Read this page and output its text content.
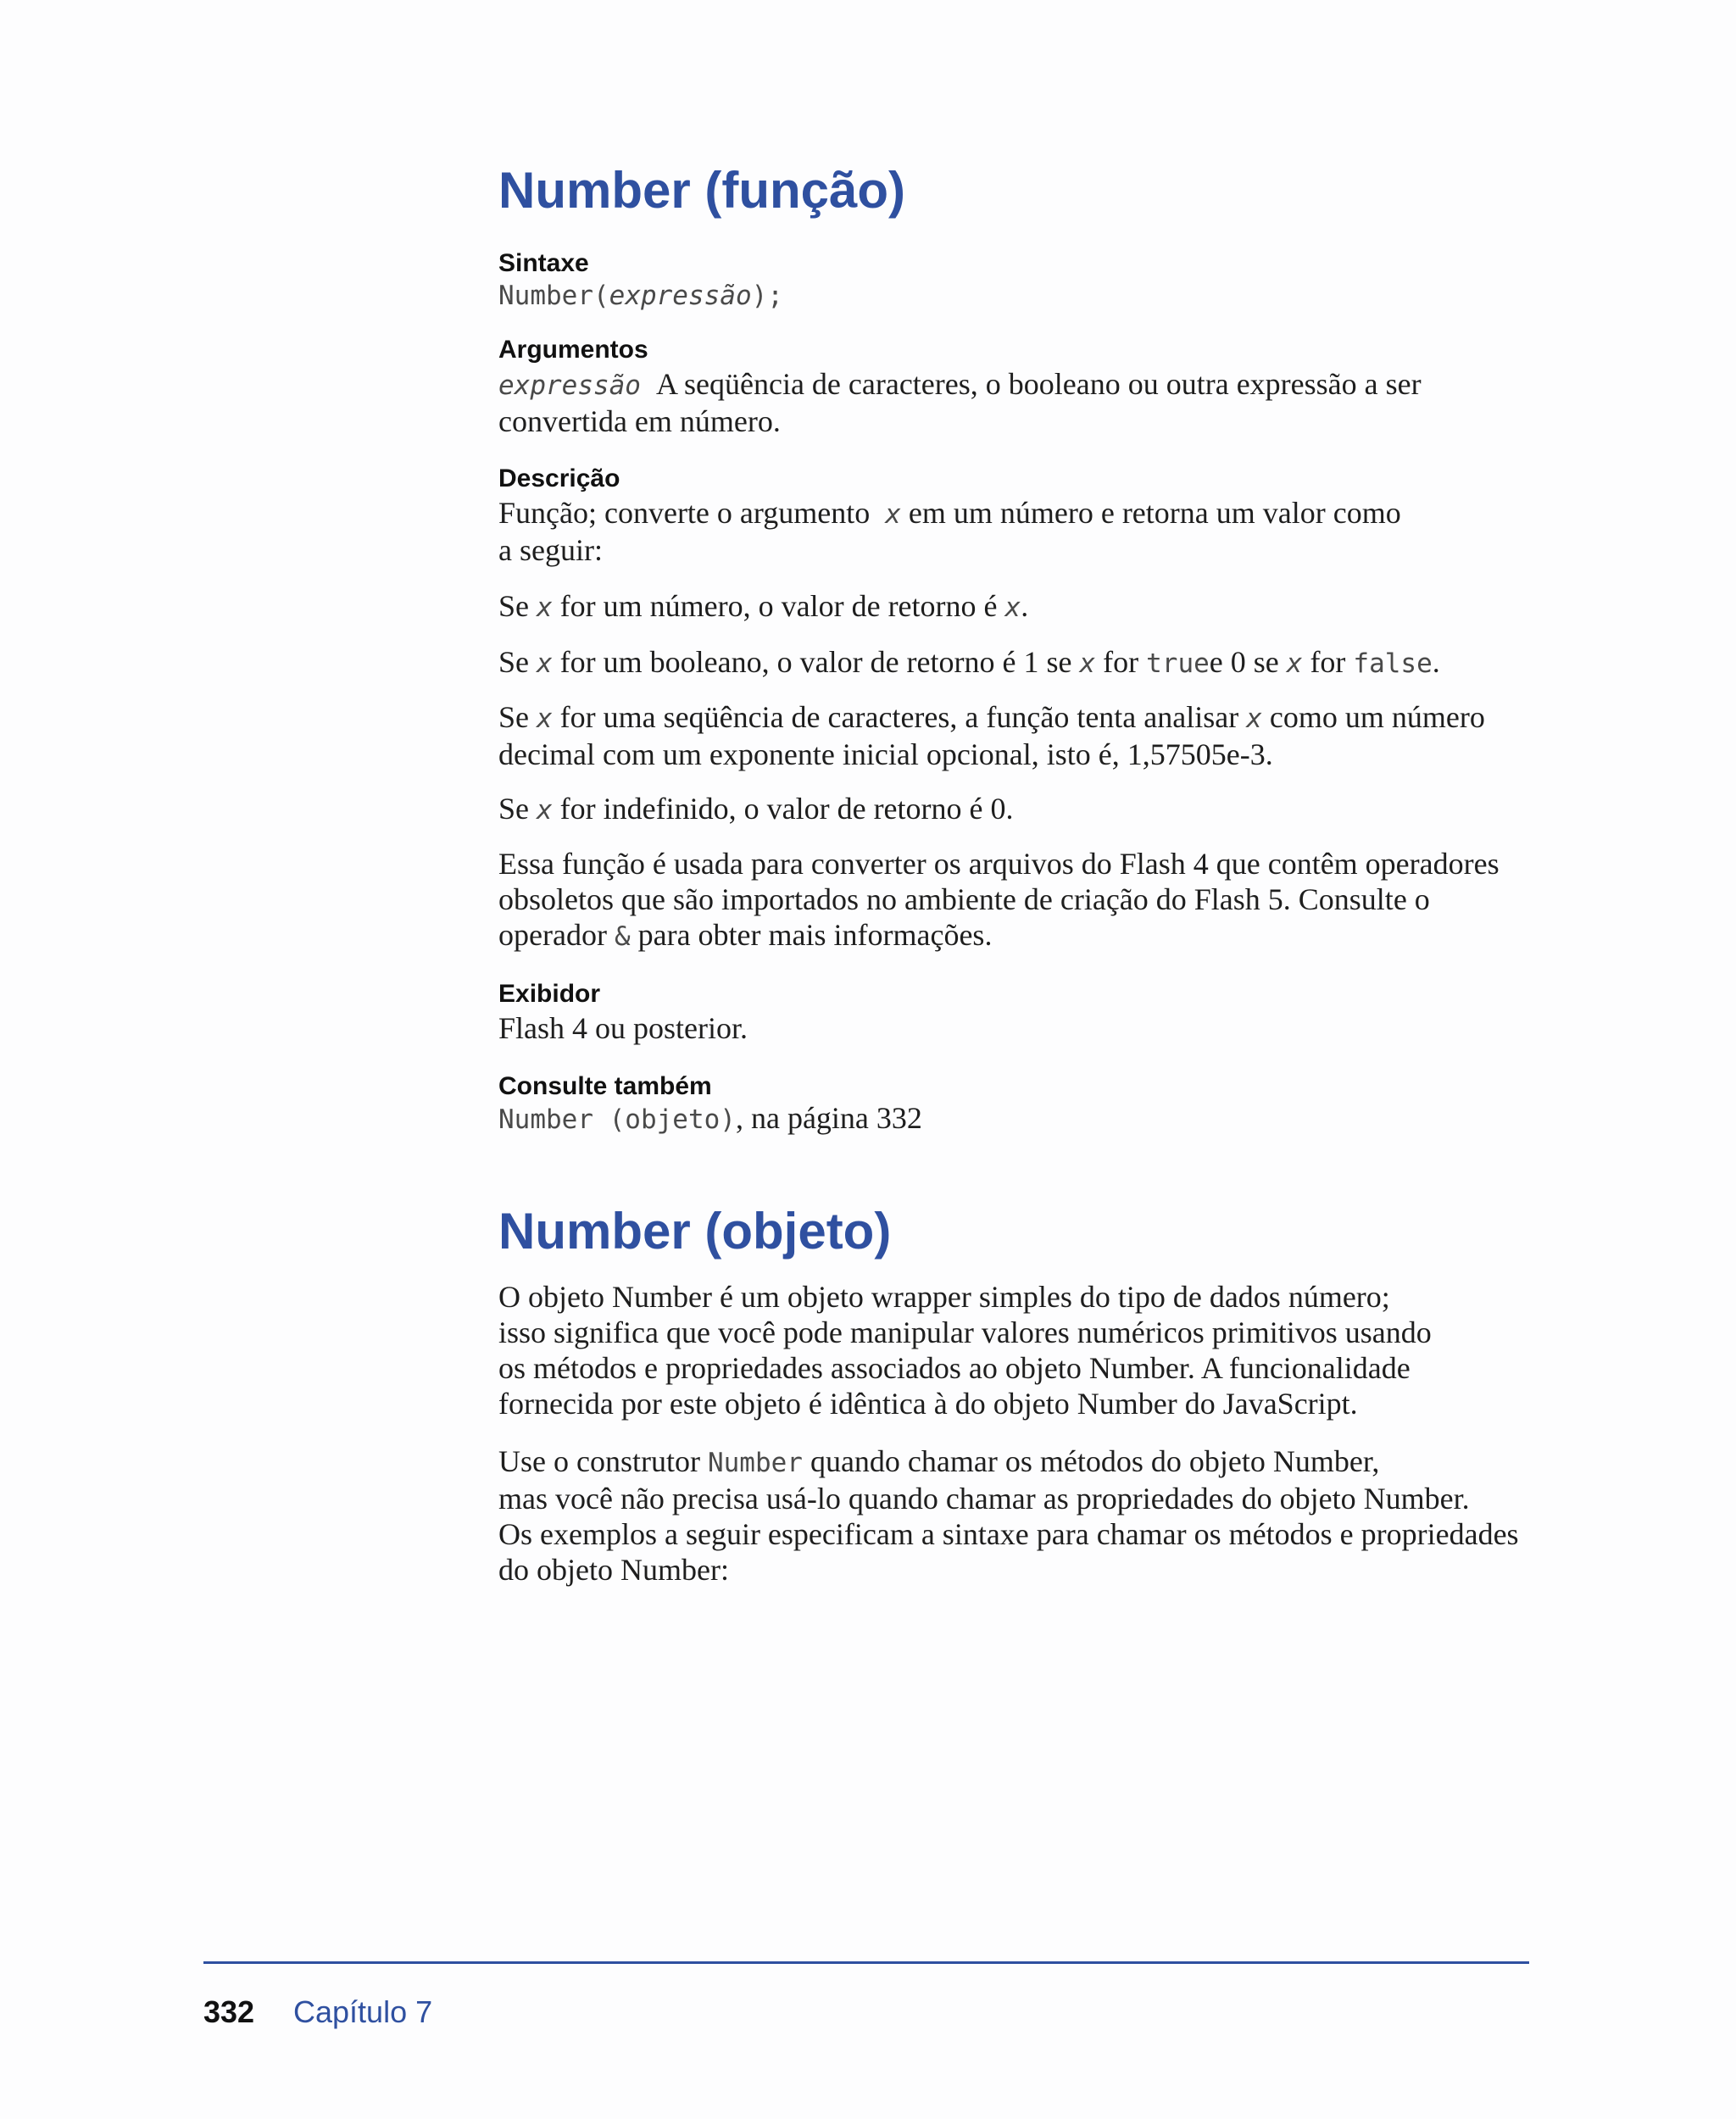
Number (função)
Sintaxe
Number(expressão);
Argumentos
expressão A seqüência de caracteres, o booleano ou outra expressão a ser
convertida em número.
Descrição
Função; converte o argumento x em um número e retorna um valor como
a seguir:
Se x for um número, o valor de retorno é x.
Se x for um booleano, o valor de retorno é 1 se x for truee 0 se x for false.
Se x for uma seqüência de caracteres, a função tenta analisar x como um número
decimal com um exponente inicial opcional, isto é, 1,57505e-3.
Se x for indefinido, o valor de retorno é 0.
Essa função é usada para converter os arquivos do Flash 4 que contêm operadores
obsoletos que são importados no ambiente de criação do Flash 5. Consulte o
operador & para obter mais informações.
Exibidor
Flash 4 ou posterior.
Consulte também
Number (objeto), na página 332
Number (objeto)
O objeto Number é um objeto wrapper simples do tipo de dados número;
isso significa que você pode manipular valores numéricos primitivos usando
os métodos e propriedades associados ao objeto Number. A funcionalidade
fornecida por este objeto é idêntica à do objeto Number do JavaScript.
Use o construtor Number quando chamar os métodos do objeto Number,
mas você não precisa usá-lo quando chamar as propriedades do objeto Number.
Os exemplos a seguir especificam a sintaxe para chamar os métodos e propriedades
do objeto Number:
332 Capítulo 7
